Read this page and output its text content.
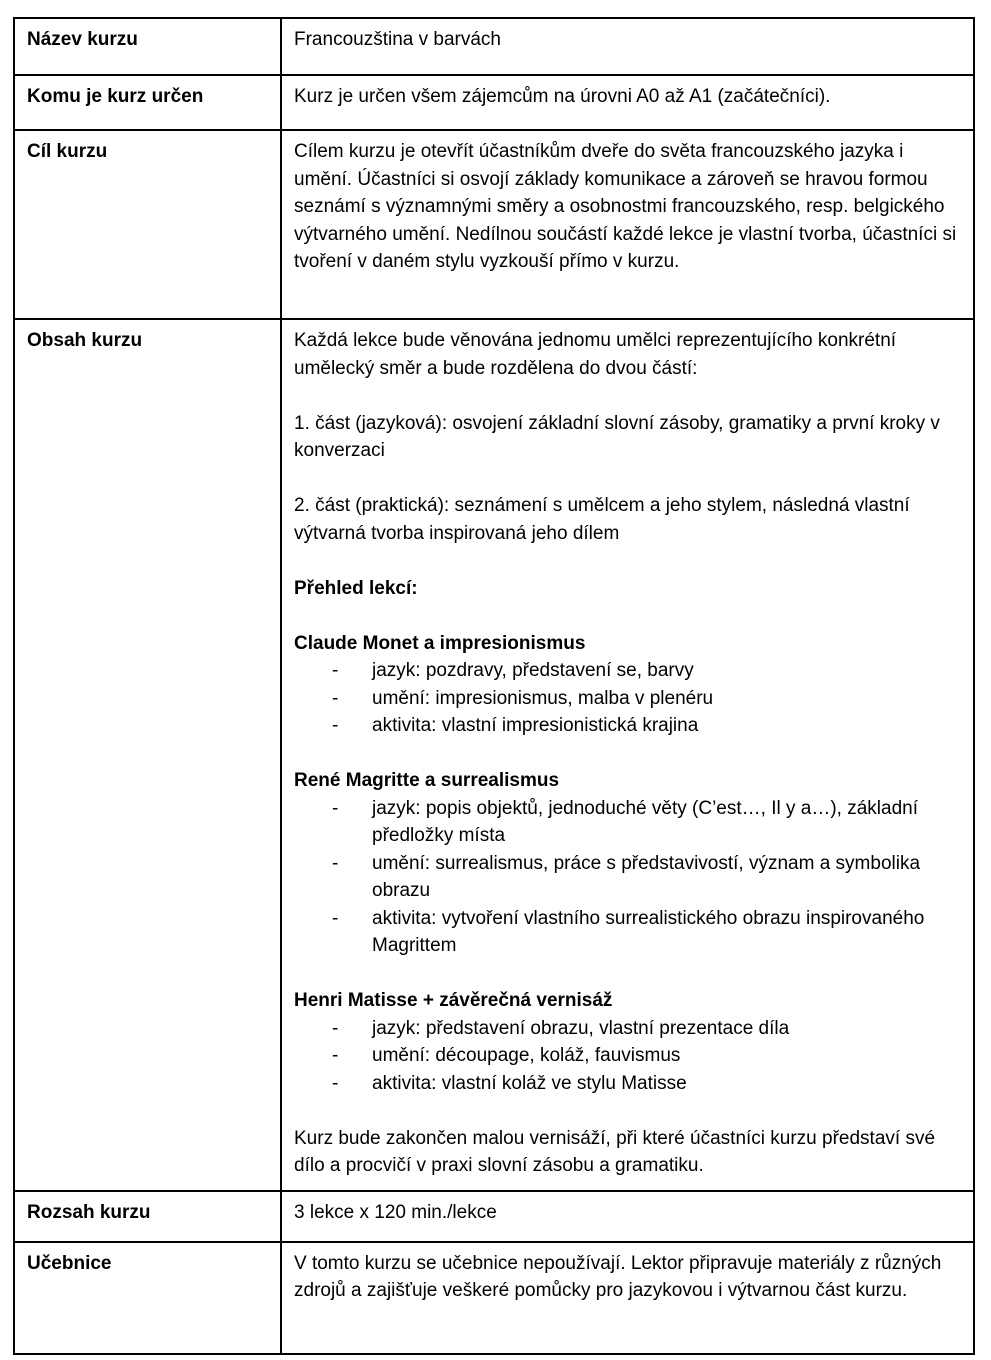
Název kurzu	Francouzština v barvách

Komu je kurz určen	Kurz je určen všem zájemcům na úrovni A0 až A1 (začátečníci).

Cíl kurzu	Cílem kurzu je otevřít účastníkům dveře do světa francouzského jazyka i umění. Účastníci si osvojí základy komunikace a zároveň se hravou formou seznámí s významnými směry a osobnostmi francouzského, resp. belgického výtvarného umění. Nedílnou součástí každé lekce je vlastní tvorba, účastníci si tvoření v daném stylu vyzkouší přímo v kurzu.

Obsah kurzu	Každá lekce bude věnována jednomu umělci reprezentujícího konkrétní umělecký směr a bude rozdělena do dvou částí:
1. část (jazyková): osvojení základní slovní zásoby, gramatiky a první kroky v konverzaci
2. část (praktická): seznámení s umělcem a jeho stylem, následná vlastní výtvarná tvorba inspirovaná jeho dílem
Přehled lekcí:
Claude Monet a impresionismus
- jazyk: pozdravy, představení se, barvy
- umění: impresionismus, malba v plenéru
- aktivita: vlastní impresionistická krajina
René Magritte a surrealismus
- jazyk: popis objektů, jednoduché věty (C’est…, Il y a…), základní předložky místa
- umění: surrealismus, práce s představivostí, význam a symbolika obrazu
- aktivita: vytvoření vlastního surrealistického obrazu inspirovaného Magrittem
Henri Matisse + závěrečná vernisáž
- jazyk: představení obrazu, vlastní prezentace díla
- umění: découpage, koláž, fauvismus
- aktivita: vlastní koláž ve stylu Matisse
Kurz bude zakončen malou vernisáží, při které účastníci kurzu představí své dílo a procvičí v praxi slovní zásobu a gramatiku.

Rozsah kurzu	3 lekce x 120 min./lekce

Učebnice	V tomto kurzu se učebnice nepoužívají. Lektor připravuje materiály z různých zdrojů a zajišťuje veškeré pomůcky pro jazykovou i výtvarnou část kurzu.
